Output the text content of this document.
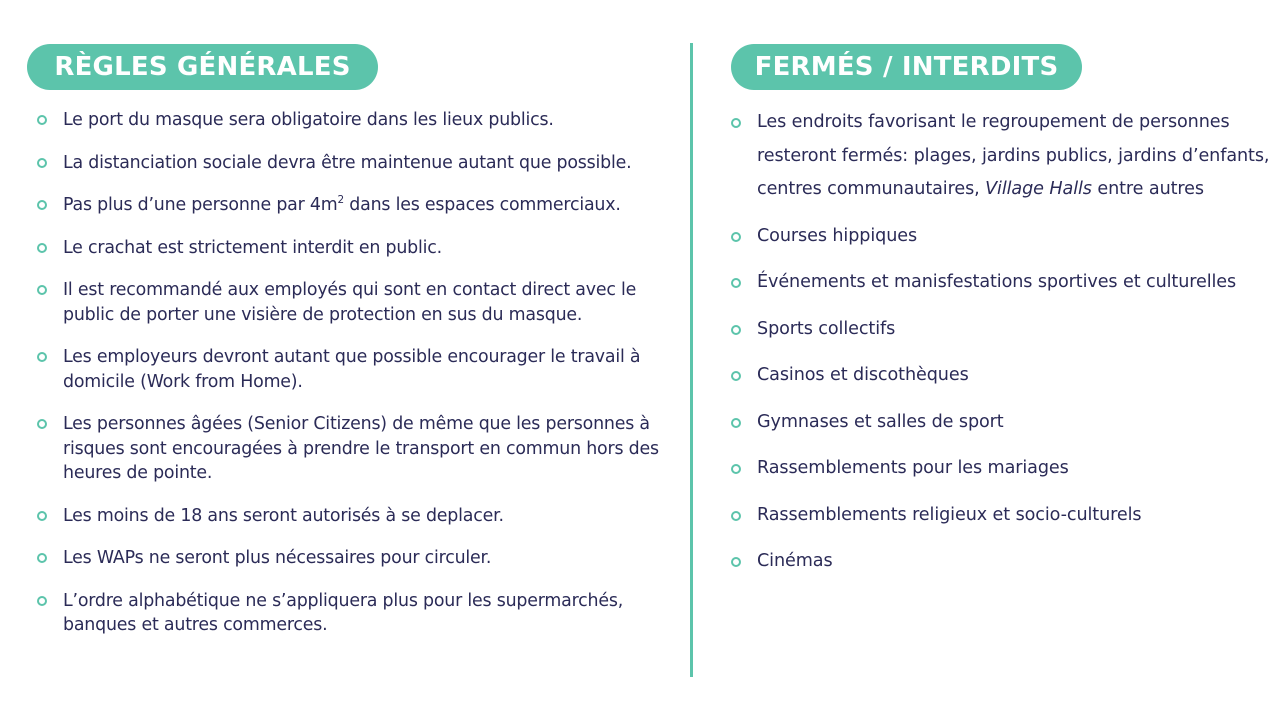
RÈGLES GÉNÉRALES	FERMÉS / INTERDITS
Le port du masque sera obligatoire dans les lieux publics.
La distanciation sociale devra être maintenue autant que possible.
Pas plus d’une personne par $4m^2$ dans les espaces commerciaux.
Le crachat est strictement interdit en public.
Il est recommandé aux employés qui sont en contact direct avec le public de porter une visière de protection en sus du masque.
Les employeurs devront autant que possible encourager le travail à domicile (Work from Home).
Les personnes âgées (Senior Citizens) de même que les personnes à risques sont encouragées à prendre le transport en commun hors des heures de pointe.
Les moins de 18 ans seront autorisés à se deplacer.
Les WAPs ne seront plus nécessaires pour circuler.
L’ordre alphabétique ne s’appliquera plus pour les supermarchés, banques et autres commerces.
Les endroits favorisant le regroupement de personnes resteront fermés: plages, jardins publics, jardins d’enfants, centres communautaires, Village Halls entre autres
Courses hippiques
Événements et manisfestations sportives et culturelles
Sports collectifs
Casinos et discothèques
Gymnases et salles de sport
Rassemblements pour les mariages
Rassemblements religieux et socio-culturels
Cinémas
